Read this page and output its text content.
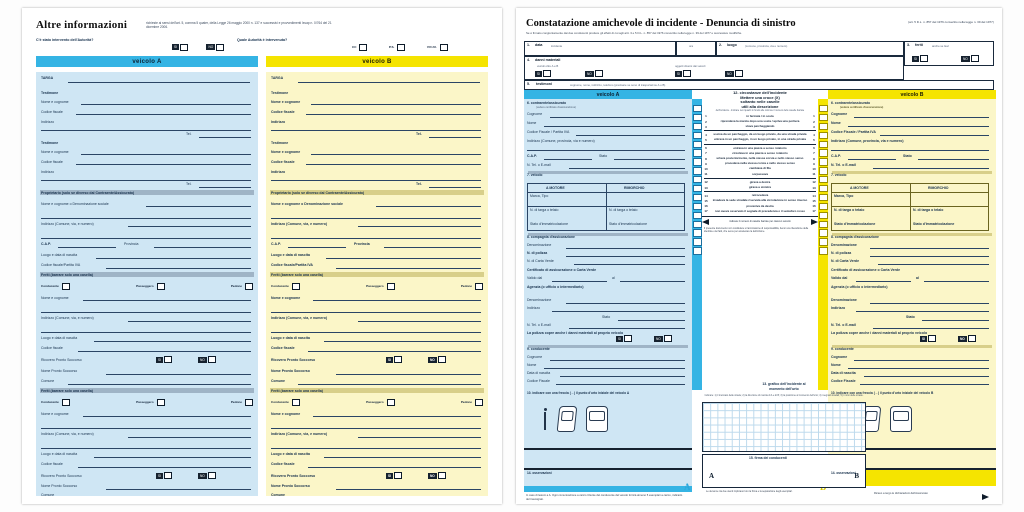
Altre informazioni	richieste ai sensi dell'art. 5, comma 5 quater, della Legge 26 maggio 2000 n. 137 e successivi e provvedimenti Isvap n. 0/764 del 21 dicembre 2006.
C'è stato intervento dell'Autorità?
SI
	NO
Quale Autorità è intervenuta?
CC
	P.S.
	VV.UU.
veicolo A	veicolo B
TARGA
Testimone
Nome e cognome
Codice fiscale
Indirizzo
Tel.
Testimone
Nome e cognome
Codice fiscale
Indirizzo
Tel.
Proprietario (solo se diverso dal Contraente/Assicurato)
Nome e cognome o Denominazione sociale
Indirizzo (Comune, via, e numero)
C.A.P.	Provincia
Luogo e data di nascita
Codice fiscale/Partita IVA
Feriti (barrare solo una casella)
Conducente	Passeggero	Pedone
Nome e cognome
Indirizzo (Comune, via, e numero)
Luogo e data di nascita
Codice fiscale
Ricovero Pronto Soccorso	SI	NO
Nome Pronto Soccorso
Comune
Feriti (barrare solo una casella)
Conducente	Passeggero	Pedone
Nome e cognome
Indirizzo (Comune, via, e numero)
Luogo e data di nascita
Codice fiscale
Ricovero Pronto Soccorso	SI	NO
Nome Pronto Soccorso
Comune
TARGA
Testimone
Nome e cognome
Codice fiscale
Indirizzo
Tel.
Testimone
Nome e cognome
Codice fiscale
Indirizzo
Tel.
Proprietario (solo se diverso dal Contraente/Assicurato)
Nome e cognome o Denominazione sociale
Indirizzo (Comune, via, e numero)
C.A.P.	Provincia
Luogo e data di nascita
Codice fiscale/Partita IVA
Feriti (barrare solo una casella)
Conducente	Passeggero	Pedone
Nome e cognome
Indirizzo (Comune, via, e numero)
Luogo e data di nascita
Codice fiscale
Ricovero Pronto Soccorso	SI	NO
Nome Pronto Soccorso
Comune
Feriti (barrare solo una casella)
Conducente	Passeggero	Pedone
Nome e cognome
Indirizzo (Comune, via, e numero)
Luogo e data di nascita
Codice fiscale
Ricovero Pronto Soccorso	SI	NO
Nome Pronto Soccorso
Comune
Constatazione amichevole di incidente - Denuncia di sinistro
Se è firmato congiuntamente dai due conducenti produce gli effetti di cui agli artt. 3 e 5 D.L. n. 857 del 1976 convertito nella legge n. 39 del 1977 e successive modifiche.
(art. 5 D.L. n. 857 del 1976 convertito nella legge n. 39 del 1977)
1. data	incidente	ora	2. luogo	(comune, provincia, via e numero)	3. feriti	anche se lievi
SI	NO
4. danni materiali
veicoli oltre A e B	oggetti diversi dai veicoli
SI	NO	SI	NO
5. testimoni	cognome, nome, indirizzo, telefono (precisare se sono di trasportati su A o B)
veicolo A	veicolo B
6. contraente/assicurato
(vedere certificato d'assicurazione)
Cognome
Nome
Codice Fiscale / Partita IVA
Indirizzo (Comune, provincia, via e numero)
C.A.P.	Stato
N. Tel. o E-mail
7. veicolo
A MOTORE	RIMORCHIO
Marca, Tipo
N. di targa o telaio	N. di targa o telaio
Stato d'immatricolazione	Stato d'immatricolazione
8. compagnia d'assicurazione
Denominazione
N. di polizza
N. di Carta Verde
Certificato di assicurazione o Carta Verde
Valido dal	al
Agenzia (o ufficio o intermediario)
Denominazione
Indirizzo
Stato
N. Tel. o E-mail
La polizza copre anche i danni materiali al proprio veicolo
SI	NO
9. conducente
Cognome
Nome
Data di nascita
Codice Fiscale
6. contraente/assicurato
(vedere certificato d'assicurazione)
Cognome
Nome
Codice Fiscale / Partita IVA
Indirizzo (Comune, provincia, via e numero)
C.A.P.	Stato
N. Tel. o E-mail
7. veicolo
A MOTORE	RIMORCHIO
Marca, Tipo
N. di targa o telaio	N. di targa o telaio
Stato d'immatricolazione	Stato d'immatricolazione
8. compagnia d'assicurazione
Denominazione
N. di polizza
N. di Carta Verde
Certificato di assicurazione o Carta Verde
Valido dal	al
Agenzia (o ufficio o intermediario)
Denominazione
Indirizzo
Stato
N. Tel. o E-mail
La polizza copre anche i danni materiali al proprio veicolo
SI	NO
9. conducente
Cognome
Nome
Data di nascita
Codice Fiscale
12. circostanze dell'incidente
Mettere una croce (X)
soltanto nelle caselle
utili alla descrizione
dell'incidente - Indicare nei riquadri in fondo alle colonne il numero delle caselle barrate
1	in fermata / in sosta	1
2	riprendeva la marcia dopo una sosta / apriva una portiera	2
3	stava parcheggiando	3
4	usciva da un parcheggio, da un luogo privato, da una strada privata	4
5	entrava in un parcheggio, in un luogo privato, in una strada privata	5
6	entrava in una piazza a senso rotatorio	6
7	circolava in una piazza a senso rotatorio	7
8	urtava posteriormente, nella stessa corsia e nello stesso senso	8
9	procedeva nella stessa corsia e nello stesso senso	9
10	cambiava di fila	10
11	sorpassava	11
12	girava a destra	12
13	girava a sinistra	13
14	retrocedeva	14
15	invadeva la sede stradale riservata alla circolazione in senso inverso	15
16	proveniva da destra	16
17	non aveva osservato il segnale di precedenza o il semaforo rosso	17
indicare il numero di caselle barrate per ciascun veicolo
Il presente documento non costituisce un'ammissione di responsabilità, bensì una rilevazione delle identità e dei fatti, che serve per accelerare la definizione.
10. indicare con una freccia (→) il punto d'urto iniziale del veicolo A
14. osservazioni
A
10. indicare con una freccia (→) il punto d'urto iniziale del veicolo B
14. osservazioni
13. grafico dell'incidente al
momento dell'urto
Indicare: 1) il tracciato delle strade; 2) la direzione di marcia di A e di B; 3) la posizione al momento dell'urto; 4) i segnali stradali; 5) i nomi delle strade.
15. firma dei conducenti
A	B
Le denunce tra due utenti implicano loro la firma e la separazione degli esemplari.
In caso di lesioni a A. Ogni comunicazione a carico Cliente del conducente del veicolo fornirà almeno 5 esemplari a carico, indicarlo del trasmigrati.
Ricavo a tergo le dichiarazioni dell'Assicurato
